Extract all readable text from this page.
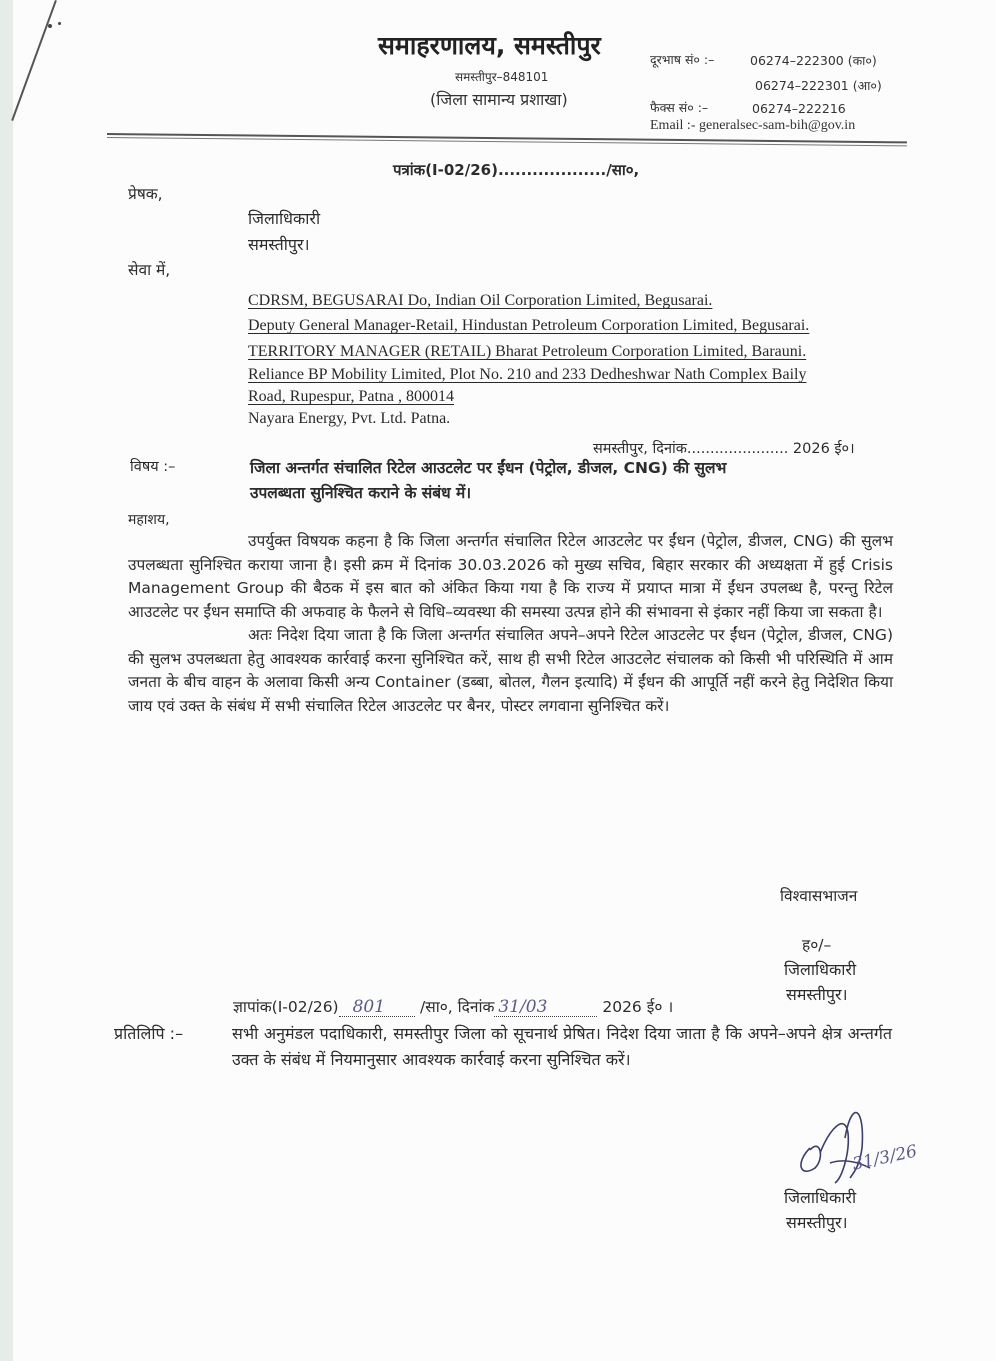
समाहरणालय, समस्तीपुर
समस्तीपुर–848101
(जिला सामान्य प्रशाखा)
दूरभाष सं० :–	06274–222300 (का०)
06274–222301 (आ०)
फैक्स सं० :–	06274–222216
Email :- generalsec-sam-bih@gov.in
पत्रांक(I-02/26).................../सा०,
प्रेषक,
जिलाधिकारी
समस्तीपुर।
सेवा में,
CDRSM, BEGUSARAI Do, Indian Oil Corporation Limited, Begusarai.
Deputy General Manager-Retail, Hindustan Petroleum Corporation Limited, Begusarai.
TERRITORY MANAGER (RETAIL) Bharat Petroleum Corporation Limited, Barauni.
Reliance BP Mobility Limited, Plot No. 210 and 233 Dedheshwar Nath Complex Baily
Road, Rupespur, Patna , 800014
Nayara Energy, Pvt. Ltd. Patna.
समस्तीपुर, दिनांक...................... 2026 ई०।
विषय :–	जिला अन्तर्गत संचालित रिटेल आउटलेट पर ईंधन (पेट्रोल, डीजल, CNG) की सुलभ
उपलब्धता सुनिश्चित कराने के संबंध में।
महाशय,

उपर्युक्त विषयक कहना है कि जिला अन्तर्गत संचालित रिटेल आउटलेट पर ईंधन (पेट्रोल, डीजल, CNG) की सुलभ उपलब्धता सुनिश्चित कराया जाना है। इसी क्रम में दिनांक 30.03.2026 को मुख्य सचिव, बिहार सरकार की अध्यक्षता में हुई Crisis Management Group की बैठक में इस बात को अंकित किया गया है कि राज्य में प्रयाप्त मात्रा में ईंधन उपलब्ध है, परन्तु रिटेल आउटलेट पर ईंधन समाप्ति की अफवाह के फैलने से विधि–व्यवस्था की समस्या उत्पन्न होने की संभावना से इंकार नहीं किया जा सकता है।

अतः निदेश दिया जाता है कि जिला अन्तर्गत संचालित अपने–अपने रिटेल आउटलेट पर ईंधन (पेट्रोल, डीजल, CNG) की सुलभ उपलब्धता हेतु आवश्यक कार्रवाई करना सुनिश्चित करें, साथ ही सभी रिटेल आउटलेट संचालक को किसी भी परिस्थिति में आम जनता के बीच वाहन के अलावा किसी अन्य Container (डब्बा, बोतल, गैलन इत्यादि) में ईंधन की आपूर्ति नहीं करने हेतु निदेशित किया जाय एवं उक्त के संबंध में सभी संचालित रिटेल आउटलेट पर बैनर, पोस्टर लगवाना सुनिश्चित करें।

विश्वासभाजन
ह०/–
जिलाधिकारी
समस्तीपुर।
ज्ञापांक(I-02/26) 801 /सा०, दिनांक 31/03	2026 ई० ।
प्रतिलिपि :–	सभी अनुमंडल पदाधिकारी, समस्तीपुर जिला को सूचनार्थ प्रेषित। निदेश दिया जाता है कि अपने–अपने क्षेत्र अन्तर्गत उक्त के संबंध में नियमानुसार आवश्यक कार्रवाई करना सुनिश्चित करें।
31/3/26
जिलाधिकारी
समस्तीपुर।
